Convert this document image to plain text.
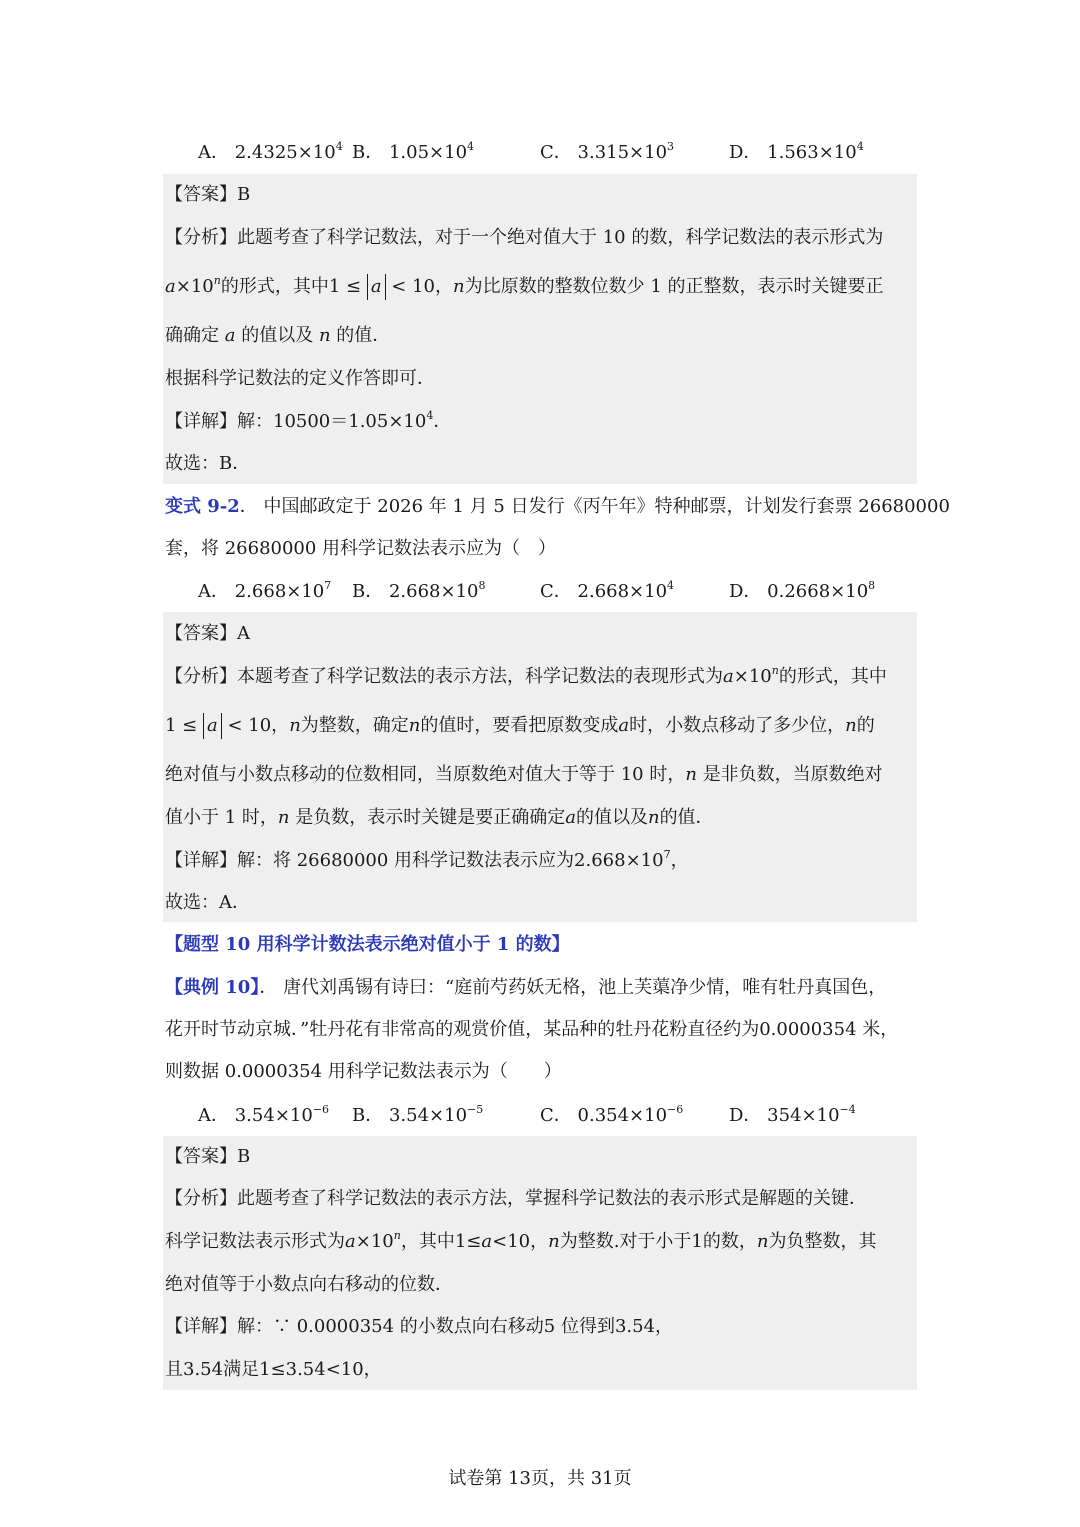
A． $2.4325\times 10^4$ B． $1.05\times 10^4$	C． $3.315\times 10^3$	D． $1.563\times 10^4$
【答案】B
【分析】此题考查了科学记数法，对于一个绝对值大于 10 的数，科学记数法的表示形式为
$a\times 10^n$的形式，其中1 ≤ a < 10，n为比原数的整数位数少 1 的正整数，表示时关键要正
确确定 a 的值以及 n 的值．
根据科学记数法的定义作答即可．
【详解】解：$10500=1.05\times 10^4$．
故选：B．
变式 9-2． 中国邮政定于 2026 年 1 月 5 日发行《丙午年》特种邮票，计划发行套票 26680000
套，将 26680000 用科学记数法表示应为（　）
A． $2.668\times 10^7$ B． $2.668\times 10^8$	C． $2.668\times 10^4$	D． $0.2668\times 10^8$
【答案】A
【分析】本题考查了科学记数法的表示方法，科学记数法的表现形式为$a\times 10^n$的形式，其中
1 ≤ a < 10，n为整数，确定n的值时，要看把原数变成a时，小数点移动了多少位，n的
绝对值与小数点移动的位数相同，当原数绝对值大于等于 10 时，n 是非负数，当原数绝对
值小于 1 时，n 是负数，表示时关键是要正确确定a的值以及n的值．
【详解】解：将 26680000 用科学记数法表示应为$2.668\times 10^7$，
故选：A．
【题型 10 用科学计数法表示绝对值小于 1 的数】
【典例 10】． 唐代刘禹锡有诗曰：“庭前芍药妖无格，池上芙蕖净少情，唯有牡丹真国色，
花开时节动京城．”牡丹花有非常高的观赏价值，某品种的牡丹花粉直径约为0.0000354 米，
则数据 0.0000354 用科学记数法表示为（　　）
A． $3.54\times 10^{-6}$ B． $3.54\times 10^{-5}$	C． $0.354\times 10^{-6}$	D． $354\times 10^{-4}$
【答案】B
【分析】此题考查了科学记数法的表示方法，掌握科学记数法的表示形式是解题的关键．
科学记数法表示形式为$a\times 10^n$，其中1≤a<10，n为整数.对于小于1的数，n为负整数，其
绝对值等于小数点向右移动的位数．
【详解】解：∵ 0.0000354 的小数点向右移动5 位得到3.54，
且3.54满足1≤3.54<10，
试卷第 13页，共 31页
